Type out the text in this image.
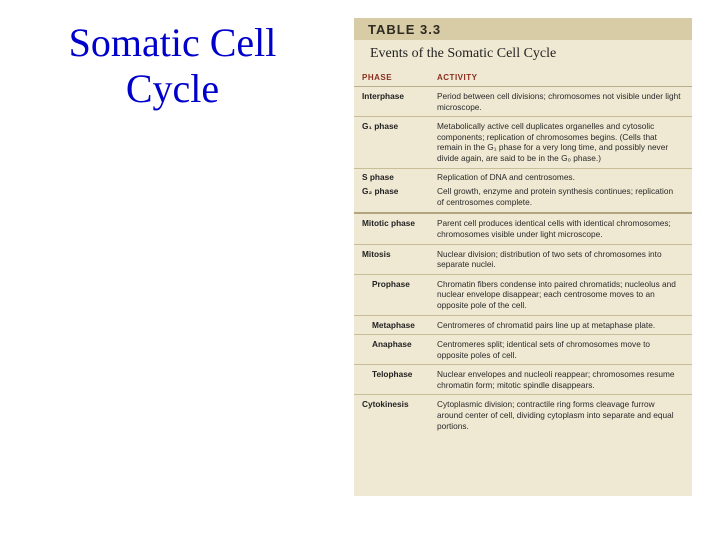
Somatic Cell
Cycle
TABLE 3.3
Events of the Somatic Cell Cycle
PHASE	ACTIVITY
Interphase	Period between cell divisions; chromosomes not visible under light microscope.
G₁ phase	Metabolically active cell duplicates organelles and cytosolic components; replication of chromosomes begins. (Cells that remain in the G₁ phase for a very long time, and possibly never divide again, are said to be in the G₀ phase.)
S phase	Replication of DNA and centrosomes.
G₂ phase	Cell growth, enzyme and protein synthesis continues; replication of centrosomes complete.
Mitotic phase	Parent cell produces identical cells with identical chromosomes; chromosomes visible under light microscope.
Mitosis	Nuclear division; distribution of two sets of chromosomes into separate nuclei.
Prophase	Chromatin fibers condense into paired chromatids; nucleolus and nuclear envelope disappear; each centrosome moves to an opposite pole of the cell.
Metaphase	Centromeres of chromatid pairs line up at metaphase plate.
Anaphase	Centromeres split; identical sets of chromosomes move to opposite poles of cell.
Telophase	Nuclear envelopes and nucleoli reappear; chromosomes resume chromatin form; mitotic spindle disappears.
Cytokinesis	Cytoplasmic division; contractile ring forms cleavage furrow around center of cell, dividing cytoplasm into separate and equal portions.
